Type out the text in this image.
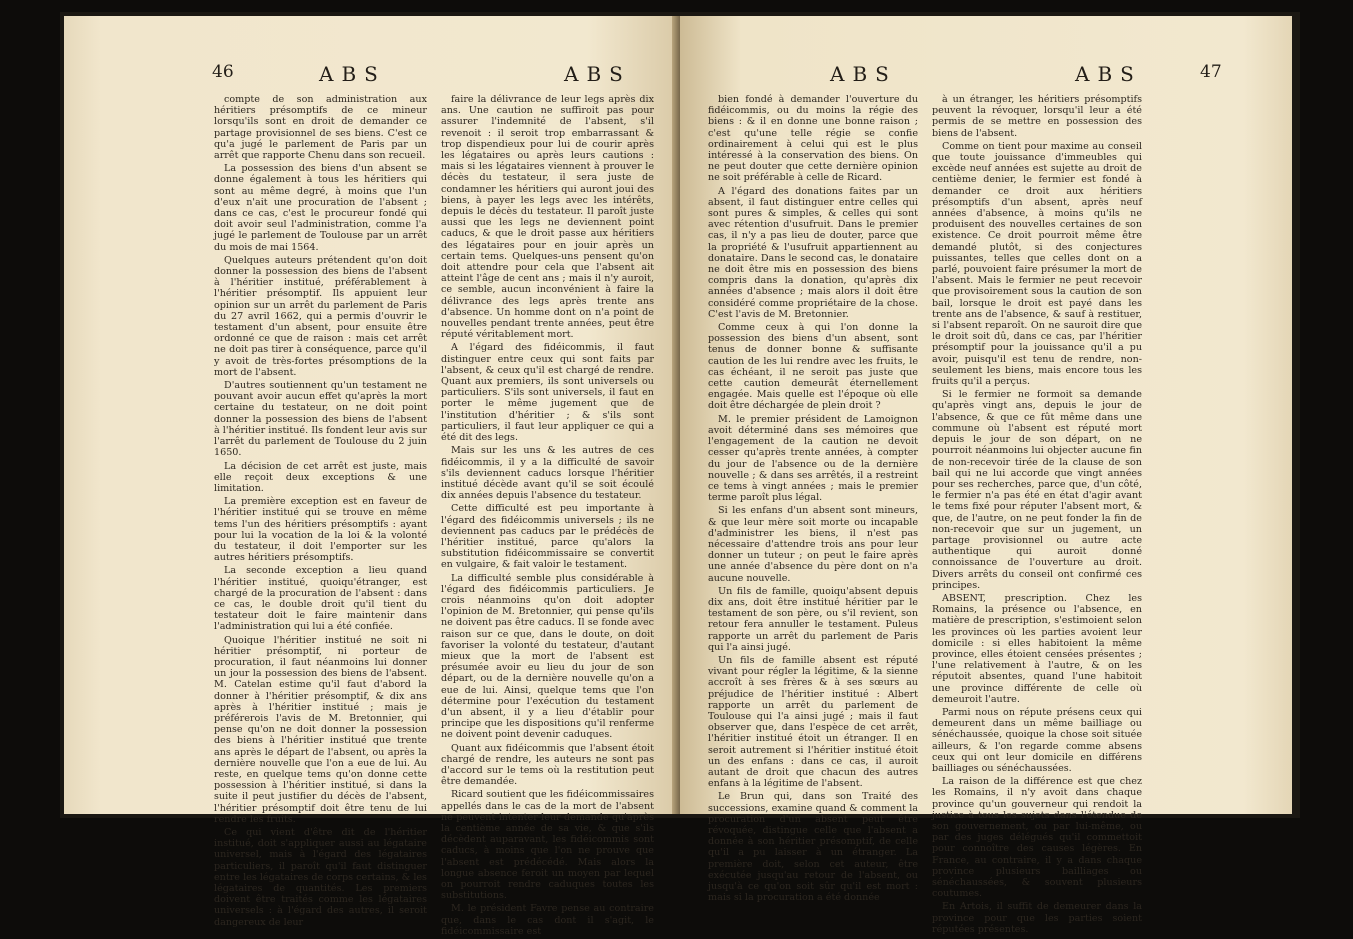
46	ABS	ABS

compte de son administration aux héritiers présomptifs de ce mineur lorsqu'ils sont en droit de demander ce partage provisionnel de ses biens. C'est ce qu'a jugé le parlement de Paris par un arrêt que rapporte Chenu dans son recueil.

La possession des biens d'un absent se donne également à tous les héritiers qui sont au même degré, à moins que l'un d'eux n'ait une procuration de l'absent ; dans ce cas, c'est le procureur fondé qui doit avoir seul l'administration, comme l'a jugé le parlement de Toulouse par un arrêt du mois de mai 1564.

Quelques auteurs prétendent qu'on doit donner la possession des biens de l'absent à l'héritier institué, préférablement à l'héritier présomptif. Ils appuient leur opinion sur un arrêt du parlement de Paris du 27 avril 1662, qui a permis d'ouvrir le testament d'un absent, pour ensuite être ordonné ce que de raison : mais cet arrêt ne doit pas tirer à conséquence, parce qu'il y avoit de très-fortes présomptions de la mort de l'absent.

D'autres soutiennent qu'un testament ne pouvant avoir aucun effet qu'après la mort certaine du testateur, on ne doit point donner la possession des biens de l'absent à l'héritier institué. Ils fondent leur avis sur l'arrêt du parlement de Toulouse du 2 juin 1650.

La décision de cet arrêt est juste, mais elle reçoit deux exceptions & une limitation.

La première exception est en faveur de l'héritier institué qui se trouve en même tems l'un des héritiers présomptifs : ayant pour lui la vocation de la loi & la volonté du testateur, il doit l'emporter sur les autres héritiers présomptifs.

La seconde exception a lieu quand l'héritier institué, quoiqu'étranger, est chargé de la procuration de l'absent : dans ce cas, le double droit qu'il tient du testateur doit le faire maintenir dans l'administration qui lui a été confiée.

Quoique l'héritier institué ne soit ni héritier présomptif, ni porteur de procuration, il faut néanmoins lui donner un jour la possession des biens de l'absent. M. Catelan estime qu'il faut d'abord la donner à l'héritier présomptif, & dix ans après à l'héritier institué ; mais je préférerois l'avis de M. Bretonnier, qui pense qu'on ne doit donner la possession des biens à l'héritier institué que trente ans après le départ de l'absent, ou après la dernière nouvelle que l'on a eue de lui. Au reste, en quelque tems qu'on donne cette possession à l'héritier institué, si dans la suite il peut justifier du décès de l'absent, l'héritier présomptif doit être tenu de lui rendre les fruits.

Ce qui vient d'être dit de l'héritier institué, doit s'appliquer aussi au légataire universel, mais à l'égard des légataires particuliers, il paroît qu'il faut distinguer entre les légataires de corps certains, & les légataires de quantités. Les premiers doivent être traités comme les légataires universels : à l'égard des autres, il seroit dangereux de leur

faire la délivrance de leur legs après dix ans. Une caution ne suffiroit pas pour assurer l'indemnité de l'absent, s'il revenoit : il seroit trop embarrassant & trop dispendieux pour lui de courir après les légataires ou après leurs cautions : mais si les légataires viennent à prouver le décès du testateur, il sera juste de condamner les héritiers qui auront joui des biens, à payer les legs avec les intérêts, depuis le décès du testateur. Il paroît juste aussi que les legs ne deviennent point caducs, & que le droit passe aux héritiers des légataires pour en jouir après un certain tems. Quelques-uns pensent qu'on doit attendre pour cela que l'absent ait atteint l'âge de cent ans ; mais il n'y auroit, ce semble, aucun inconvénient à faire la délivrance des legs après trente ans d'absence. Un homme dont on n'a point de nouvelles pendant trente années, peut être réputé véritablement mort.

A l'égard des fidéicommis, il faut distinguer entre ceux qui sont faits par l'absent, & ceux qu'il est chargé de rendre. Quant aux premiers, ils sont universels ou particuliers. S'ils sont universels, il faut en porter le même jugement que de l'institution d'héritier ; & s'ils sont particuliers, il faut leur appliquer ce qui a été dit des legs.

Mais sur les uns & les autres de ces fidéicommis, il y a la difficulté de savoir s'ils deviennent caducs lorsque l'héritier institué décède avant qu'il se soit écoulé dix années depuis l'absence du testateur.

Cette difficulté est peu importante à l'égard des fidéicommis universels ; ils ne deviennent pas caducs par le prédécès de l'héritier institué, parce qu'alors la substitution fidéicommissaire se convertit en vulgaire, & fait valoir le testament.

La difficulté semble plus considérable à l'égard des fidéicommis particuliers. Je crois néanmoins qu'on doit adopter l'opinion de M. Bretonnier, qui pense qu'ils ne doivent pas être caducs. Il se fonde avec raison sur ce que, dans le doute, on doit favoriser la volonté du testateur, d'autant mieux que la mort de l'absent est présumée avoir eu lieu du jour de son départ, ou de la dernière nouvelle qu'on a eue de lui. Ainsi, quelque tems que l'on détermine pour l'exécution du testament d'un absent, il y a lieu d'établir pour principe que les dispositions qu'il renferme ne doivent point devenir caduques.

Quant aux fidéicommis que l'absent étoit chargé de rendre, les auteurs ne sont pas d'accord sur le tems où la restitution peut être demandée.

Ricard soutient que les fidéicommissaires appellés dans le cas de la mort de l'absent ne peuvent intenter leur demande qu'après la centième année de sa vie, & que s'ils décèdent auparavant, les fidéicommis sont caducs, à moins que l'on ne prouve que l'absent est prédécédé. Mais alors la longue absence feroit un moyen par lequel on pourroit rendre caduques toutes les substitutions.

M. le président Favre pense au contraire que, dans le cas dont il s'agit, le fidéicommissaire est

ABS	ABS	47

bien fondé à demander l'ouverture du fidéicommis, ou du moins la régie des biens : & il en donne une bonne raison ; c'est qu'une telle régie se confie ordinairement à celui qui est le plus intéressé à la conservation des biens. On ne peut douter que cette dernière opinion ne soit préférable à celle de Ricard.

A l'égard des donations faites par un absent, il faut distinguer entre celles qui sont pures & simples, & celles qui sont avec rétention d'usufruit. Dans le premier cas, il n'y a pas lieu de douter, parce que la propriété & l'usufruit appartiennent au donataire. Dans le second cas, le donataire ne doit être mis en possession des biens compris dans la donation, qu'après dix années d'absence ; mais alors il doit être considéré comme propriétaire de la chose. C'est l'avis de M. Bretonnier.

Comme ceux à qui l'on donne la possession des biens d'un absent, sont tenus de donner bonne & suffisante caution de les lui rendre avec les fruits, le cas échéant, il ne seroit pas juste que cette caution demeurât éternellement engagée. Mais quelle est l'époque où elle doit être déchargée de plein droit ?

M. le premier président de Lamoignon avoit déterminé dans ses mémoires que l'engagement de la caution ne devoit cesser qu'après trente années, à compter du jour de l'absence ou de la dernière nouvelle ; & dans ses arrêtés, il a restreint ce tems à vingt années ; mais le premier terme paroît plus légal.

Si les enfans d'un absent sont mineurs, & que leur mère soit morte ou incapable d'administrer les biens, il n'est pas nécessaire d'attendre trois ans pour leur donner un tuteur ; on peut le faire après une année d'absence du père dont on n'a aucune nouvelle.

Un fils de famille, quoiqu'absent depuis dix ans, doit être institué héritier par le testament de son père, ou s'il revient, son retour fera annuller le testament. Puleus rapporte un arrêt du parlement de Paris qui l'a ainsi jugé.

Un fils de famille absent est réputé vivant pour régler la légitime, & la sienne accroît à ses frères & à ses sœurs au préjudice de l'héritier institué : Albert rapporte un arrêt du parlement de Toulouse qui l'a ainsi jugé ; mais il faut observer que, dans l'espèce de cet arrêt, l'héritier institué étoit un étranger. Il en seroit autrement si l'héritier institué étoit un des enfans : dans ce cas, il auroit autant de droit que chacun des autres enfans à la légitime de l'absent.

Le Brun qui, dans son Traité des successions, examine quand & comment la procuration d'un absent peut être révoquée, distingue celle que l'absent a donnée à son héritier présomptif, de celle qu'il a pu laisser à un étranger. La première doit, selon cet auteur, être exécutée jusqu'au retour de l'absent, ou jusqu'à ce qu'on soit sûr qu'il est mort : mais si la procuration a été donnée

à un étranger, les héritiers présomptifs peuvent la révoquer, lorsqu'il leur a été permis de se mettre en possession des biens de l'absent.

Comme on tient pour maxime au conseil que toute jouissance d'immeubles qui excède neuf années est sujette au droit de centième denier, le fermier est fondé à demander ce droit aux héritiers présomptifs d'un absent, après neuf années d'absence, à moins qu'ils ne produisent des nouvelles certaines de son existence. Ce droit pourroit même être demandé plutôt, si des conjectures puissantes, telles que celles dont on a parlé, pouvoient faire présumer la mort de l'absent. Mais le fermier ne peut recevoir que provisoirement sous la caution de son bail, lorsque le droit est payé dans les trente ans de l'absence, & sauf à restituer, si l'absent reparoît. On ne sauroit dire que le droit soit dû, dans ce cas, par l'héritier présomptif pour la jouissance qu'il a pu avoir, puisqu'il est tenu de rendre, non-seulement les biens, mais encore tous les fruits qu'il a perçus.

Si le fermier ne formoit sa demande qu'après vingt ans, depuis le jour de l'absence, & que ce fût même dans une commune où l'absent est réputé mort depuis le jour de son départ, on ne pourroit néanmoins lui objecter aucune fin de non-recevoir tirée de la clause de son bail qui ne lui accorde que vingt années pour ses recherches, parce que, d'un côté, le fermier n'a pas été en état d'agir avant le tems fixé pour réputer l'absent mort, & que, de l'autre, on ne peut fonder la fin de non-recevoir que sur un jugement, un partage provisionnel ou autre acte authentique qui auroit donné connoissance de l'ouverture au droit. Divers arrêts du conseil ont confirmé ces principes.

ABSENT, prescription. Chez les Romains, la présence ou l'absence, en matière de prescription, s'estimoient selon les provinces où les parties avoient leur domicile : si elles habitoient la même province, elles étoient censées présentes ; l'une relativement à l'autre, & on les réputoit absentes, quand l'une habitoit une province différente de celle où demeuroit l'autre.

Parmi nous on répute présens ceux qui demeurent dans un même bailliage ou sénéchaussée, quoique la chose soit située ailleurs, & l'on regarde comme absens ceux qui ont leur domicile en différens bailliages ou sénéchaussées.

La raison de la différence est que chez les Romains, il n'y avoit dans chaque province qu'un gouverneur qui rendoit la justice à tous les sujets dans l'étendue de son gouvernement, ou par lui-même, ou par des juges délégués qu'il commettoit pour connoître des causes légères. En France, au contraire, il y a dans chaque province plusieurs bailliages ou sénéchaussées, & souvent plusieurs coutumes.

En Artois, il suffit de demeurer dans la province pour que les parties soient réputées présentes.
